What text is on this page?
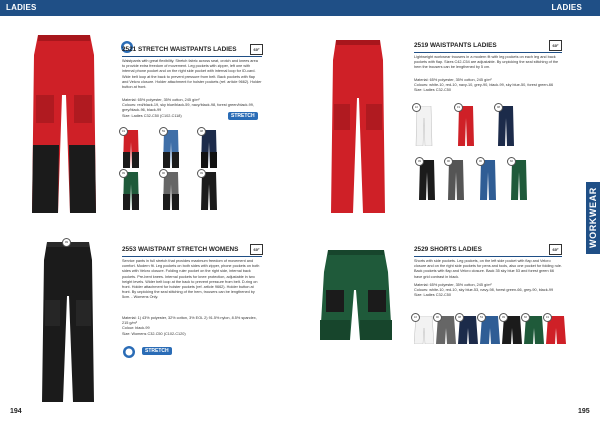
LADIES	LADIES
WORKWEAR
194	195
2521 STRETCH WAISTPANTS LADIES	60°
Waistpants with great flexibility. Stretch fabric across seat, crotch and knees area to provide extra freedom of movement. Leg pockets with zipper, left one with internal phone pocket and on the right side pocket with internal loop for ID-card. Wide belt loop at the back to prevent pressure from belt. Back pockets with flap and Velcro closure. Holder attachment for holster pockets (ref. article 9662). Holder button at front.
Material: 65% polyester, 35% cotton, 245 g/m²
Colours: red/black-19, sky blue/black-59, navy/black-98, forest green/black-99, grey/black-96, black-99
Size: Ladies C32-C50 (C102-C118)	STRETCH
19	59	98
99	96	99
2519 WAISTPANTS LADIES	60°
Lightweight workwear trousers in a modern fit with leg pockets on each leg and back pockets with flap. Sizes C42-C54 are adjustable. By unpicking the seal stitching of the hem the trousers can be lengthened by 5 cm.
Material: 65% polyester, 35% cotton, 245 g/m²
Colours: white-10, red-10, navy-10, grey-90, black-99, sky blue-50, forest green-66
Size: Ladies C32-C50
10	19	98
99	90	90	66
99
2553 WAISTPANT STRETCH WOMENS	60°
Service pants in full stretch that provides maximum freedom of movement and comfort. Modern fit. Leg pockets on both sides with zipper, phone pockets on both sides with Velcro closure. Folding ruler pocket on the right side, internal back pockets. Pre-bent knees. Internal pockets for knee protection, adjustable in two height levels. Wider belt loop at the back to prevent pressure from belt. D-ring on front. Holder attachment for holster pockets (ref. article 9662). Holder button at front. By unpicking the seal stitching of the hem, trousers can be lengthened by 5cm. - Womens Only.
Material: 1) 43% polyester, 32% cotton, 3% EOL 2) 91.5% nylon, 8.5% spandex, 215 g/m²
Colour: black-99
Size: Womens C32-C50 (C102-C120)
STRETCH
2529 SHORTS LADIES	60°
Shorts with side pockets. Leg pockets, on the left side pocket with flap and Velcro closure and on the right side pockets for pens and tools, also one pocket for folding rule. Back pockets with flap and Velcro closure. Back 35 sky blue 53 and forest green 66 have grid contrast in black.
Material: 65% polyester, 35% cotton, 245 g/m²
Colours: white-10, red-10, sky blue-53, navy-98, forest green-66, grey-90, black-99
Size: Ladies C32-C50
10	90	98	53	99	66	19
